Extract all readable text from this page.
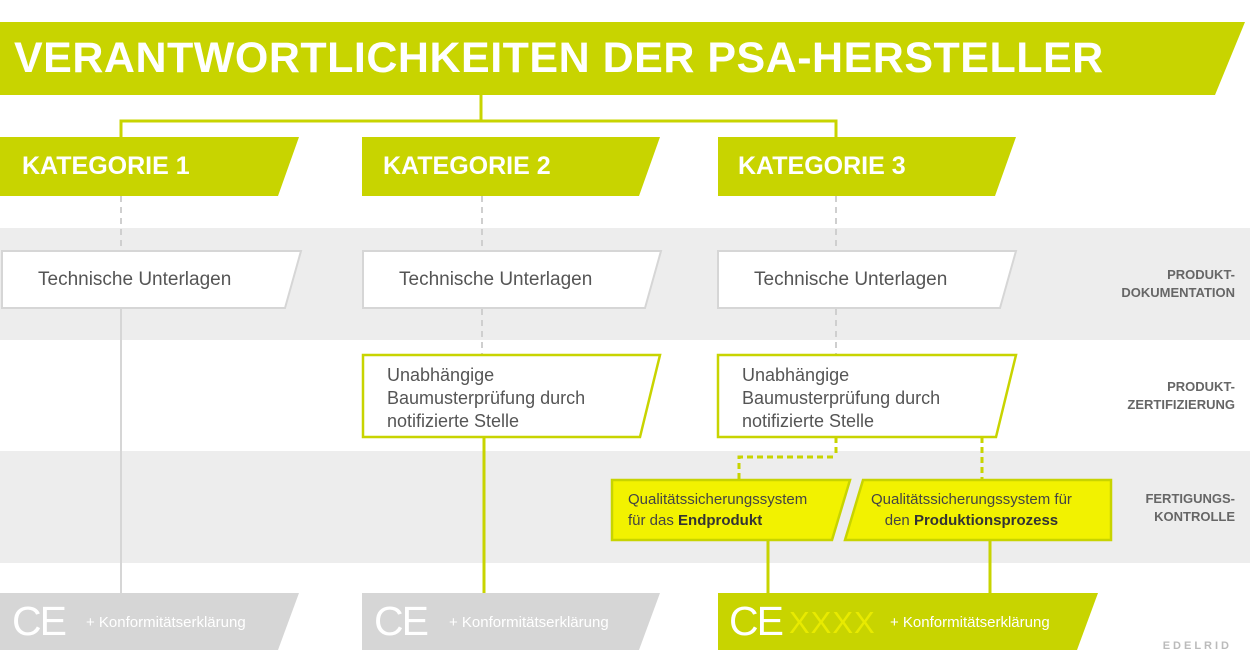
VERANTWORTLICHKEITEN DER PSA-HERSTELLER
KATEGORIE 1	KATEGORIE 2	KATEGORIE 3
Technische Unterlagen	Technische Unterlagen	Technische Unterlagen
Unabhängige
Baumusterprüfung durch
notifizierte Stelle
Unabhängige
Baumusterprüfung durch
notifizierte Stelle
Qualitätssicherungssystem
für das Endprodukt
Qualitätssicherungssystem für
den Produktionsprozess
PRODUKT-
DOKUMENTATION
PRODUKT-
ZERTIFIZIERUNG
FERTIGUNGS-
KONTROLLE
CE + Konformitätserklärung	CE + Konformitätserklärung	CE XXXX + Konformitätserklärung
EDELRID
